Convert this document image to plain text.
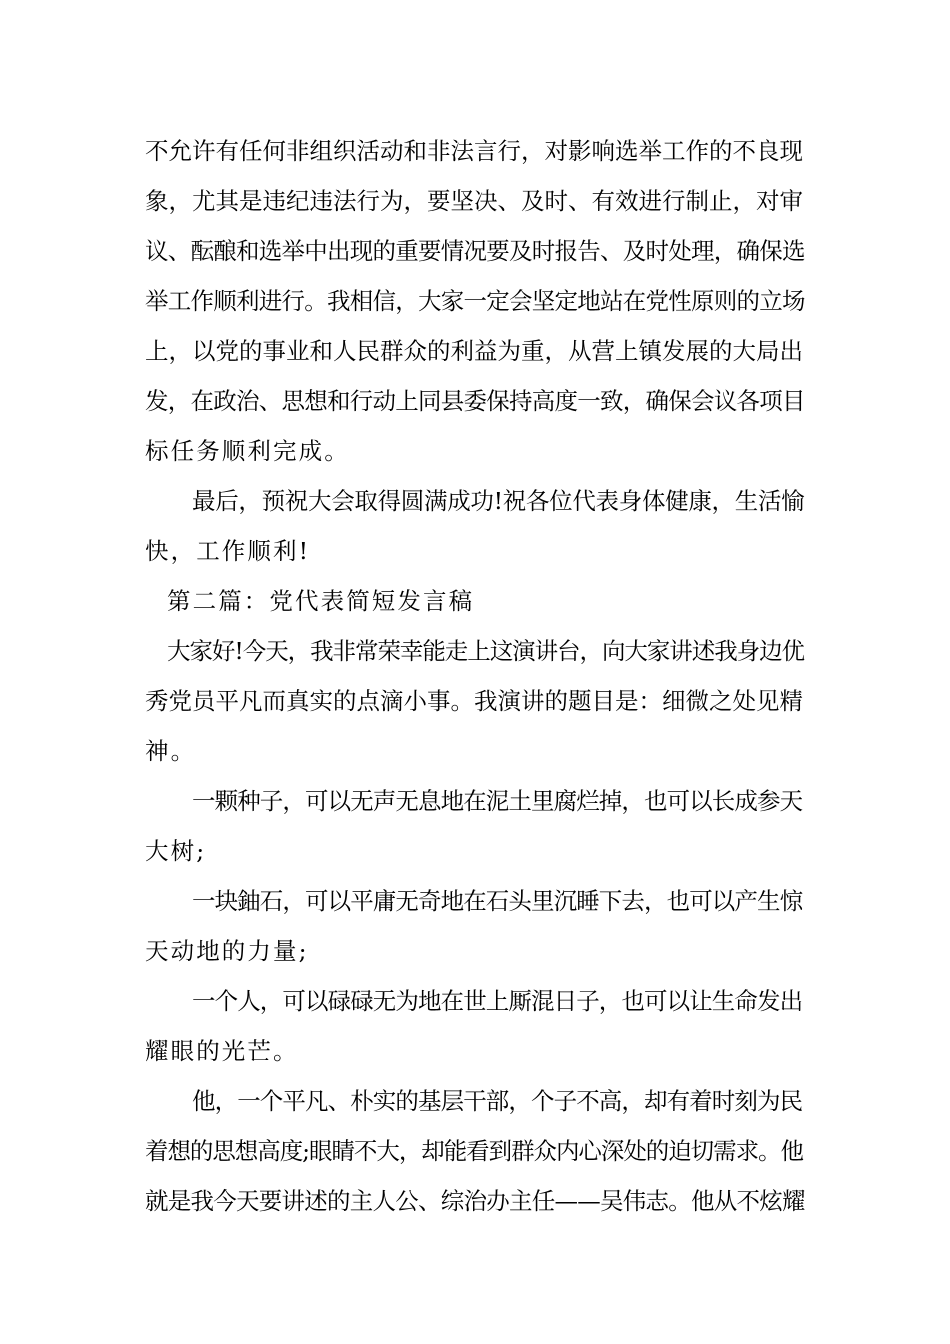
不允许有任何非组织活动和非法言行，对影响选举工作的不良现
象，尤其是违纪违法行为，要坚决、及时、有效进行制止，对审
议、酝酿和选举中出现的重要情况要及时报告、及时处理，确保选
举工作顺利进行。我相信，大家一定会坚定地站在党性原则的立场
上，以党的事业和人民群众的利益为重，从营上镇发展的大局出
发，在政治、思想和行动上同县委保持高度一致，确保会议各项目
标任务顺利完成。
最后，预祝大会取得圆满成功!祝各位代表身体健康，生活愉
快，工作顺利!
第二篇：党代表简短发言稿
大家好!今天，我非常荣幸能走上这演讲台，向大家讲述我身边优
秀党员平凡而真实的点滴小事。我演讲的题目是：细微之处见精
神。
一颗种子，可以无声无息地在泥土里腐烂掉，也可以长成参天
大树;
一块鈾石，可以平庸无奇地在石头里沉睡下去，也可以产生惊
天动地的力量;
一个人，可以碌碌无为地在世上厮混日子，也可以让生命发出
耀眼的光芒。
他，一个平凡、朴实的基层干部，个子不高，却有着时刻为民
着想的思想高度;眼睛不大，却能看到群众内心深处的迫切需求。他
就是我今天要讲述的主人公、综治办主任——吴伟志。他从不炫耀
